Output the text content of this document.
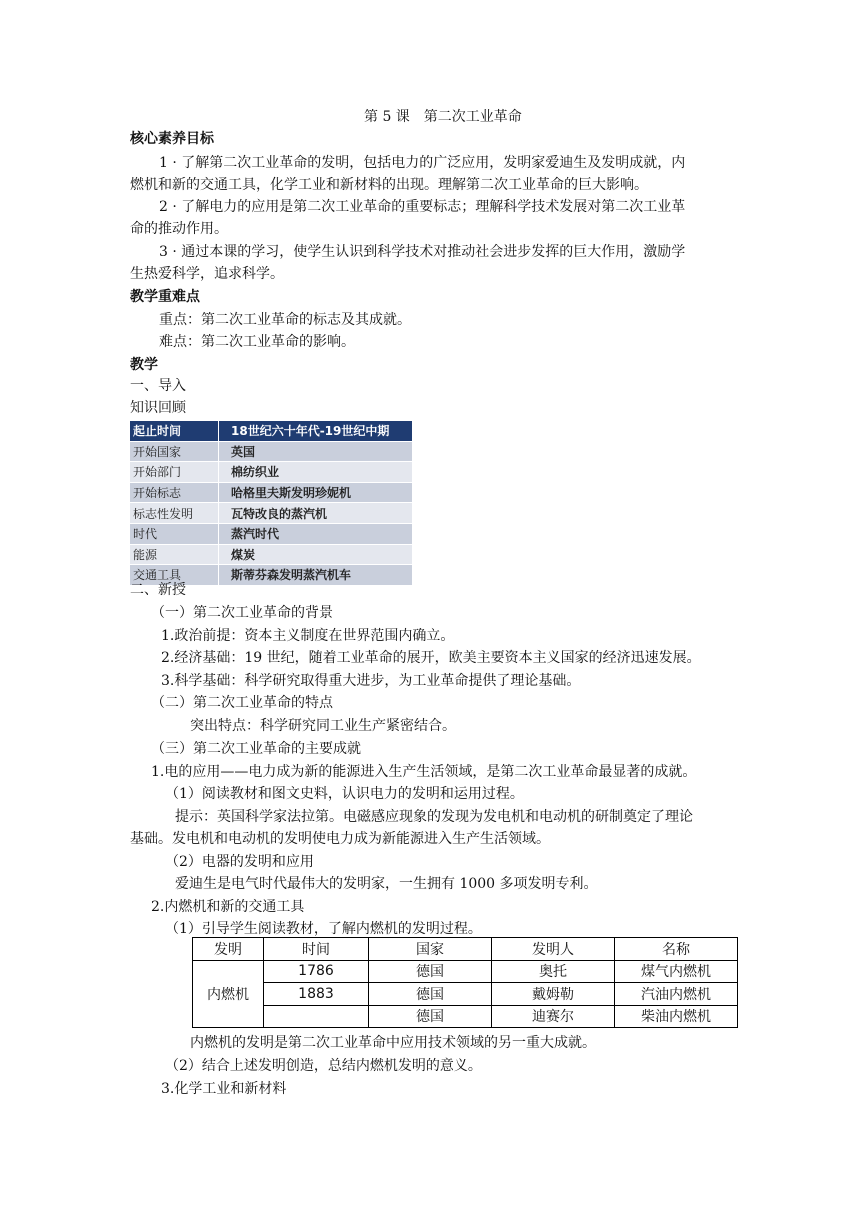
第 5 课　第二次工业革命
核心素养目标
1 · 了解第二次工业革命的发明，包括电力的广泛应用，发明家爱迪生及发明成就，内
燃机和新的交通工具，化学工业和新材料的出现。理解第二次工业革命的巨大影响。
2 · 了解电力的应用是第二次工业革命的重要标志；理解科学技术发展对第二次工业革
命的推动作用。
3 · 通过本课的学习，使学生认识到科学技术对推动社会进步发挥的巨大作用，激励学
生热爱科学，追求科学。
教学重难点
重点：第二次工业革命的标志及其成就。
难点：第二次工业革命的影响。
教学
一、导入
知识回顾
起止时间	18世纪六十年代-19世纪中期
开始国家	英国
开始部门	棉纺织业
开始标志	哈格里夫斯发明珍妮机
标志性发明	瓦特改良的蒸汽机
时代	蒸汽时代
能源	煤炭
交通工具	斯蒂芬森发明蒸汽机车
二、新授
（一）第二次工业革命的背景
1.政治前提：资本主义制度在世界范围内确立。
2.经济基础：19 世纪，随着工业革命的展开，欧美主要资本主义国家的经济迅速发展。
3.科学基础：科学研究取得重大进步，为工业革命提供了理论基础。
（二）第二次工业革命的特点
突出特点：科学研究同工业生产紧密结合。
（三）第二次工业革命的主要成就
1.电的应用——电力成为新的能源进入生产生活领域，是第二次工业革命最显著的成就。
（1）阅读教材和图文史料，认识电力的发明和运用过程。
提示：英国科学家法拉第。电磁感应现象的发现为发电机和电动机的研制奠定了理论
基础。发电机和电动机的发明使电力成为新能源进入生产生活领域。
（2）电器的发明和应用
爱迪生是电气时代最伟大的发明家，一生拥有 1000 多项发明专利。
2.内燃机和新的交通工具
（1）引导学生阅读教材，了解内燃机的发明过程。
发明	时间	国家	发明人	名称
内燃机	1786	德国	奥托	煤气内燃机
	1883	德国	戴姆勒	汽油内燃机
		德国	迪赛尔	柴油内燃机
内燃机的发明是第二次工业革命中应用技术领域的另一重大成就。
（2）结合上述发明创造，总结内燃机发明的意义。
3.化学工业和新材料
